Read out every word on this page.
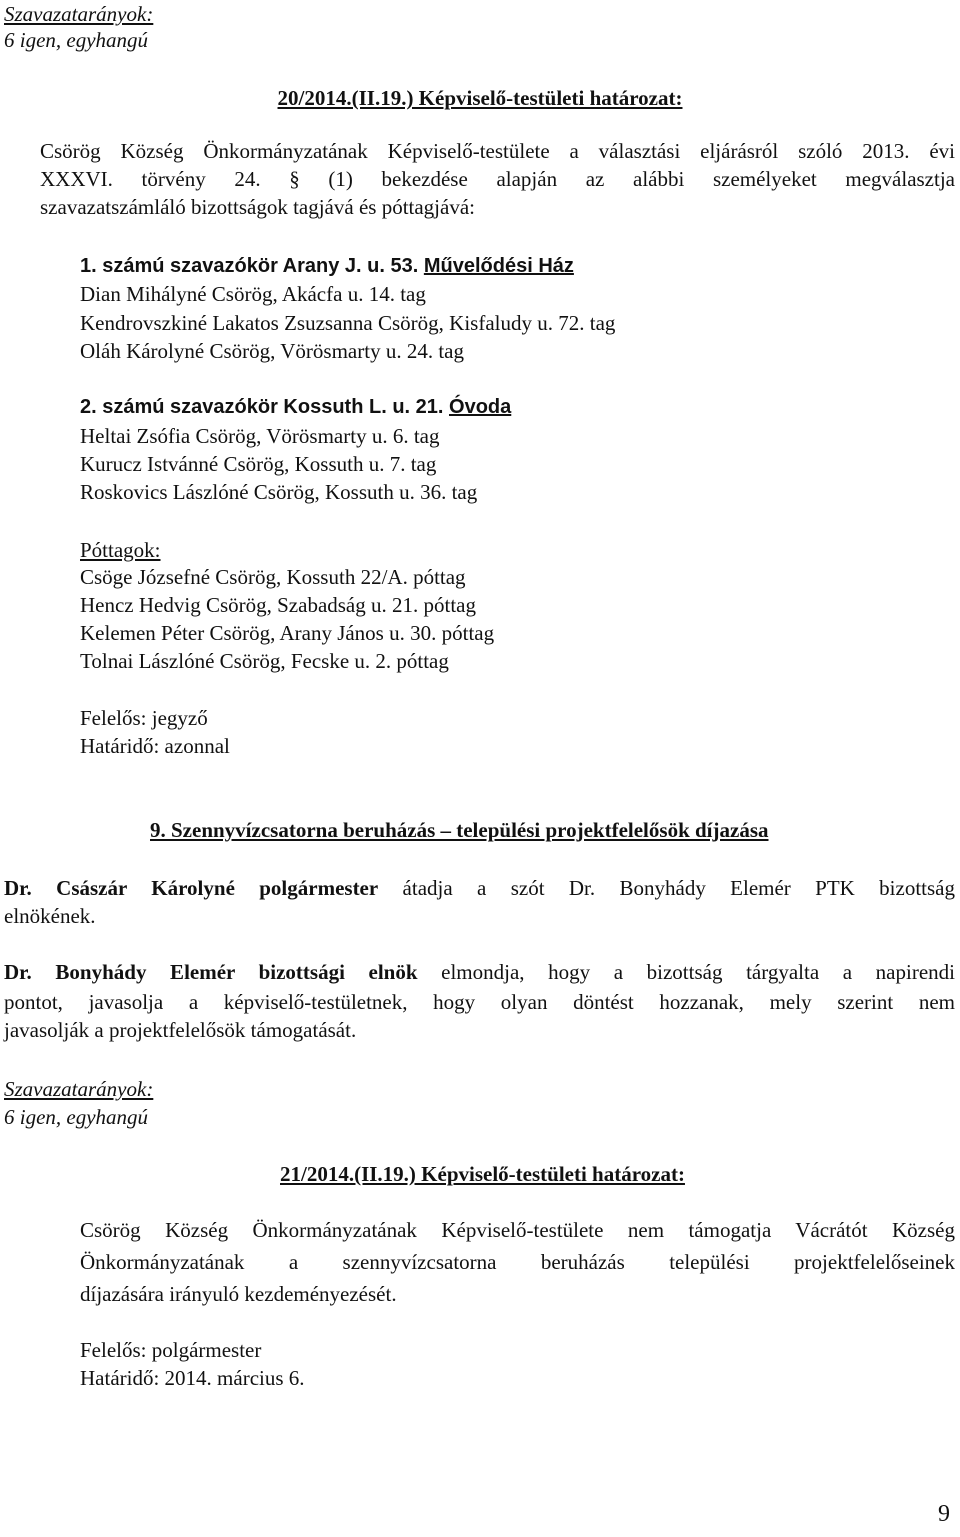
Szavazatarányok:
6 igen, egyhangú
20/2014.(II.19.) Képviselő-testületi határozat:
Csörög Község Önkormányzatának Képviselő-testülete a választási eljárásról szóló 2013. évi
XXXVI. törvény 24. § (1) bekezdése alapján az alábbi személyeket megválasztja
szavazatszámláló bizottságok tagjává és póttagjává:
1. számú szavazókör Arany J. u. 53. Művelődési Ház
Dian Mihályné Csörög, Akácfa u. 14. tag
Kendrovszkiné Lakatos Zsuzsanna Csörög, Kisfaludy u. 72. tag
Oláh Károlyné Csörög, Vörösmarty u. 24. tag
2. számú szavazókör Kossuth L. u. 21. Óvoda
Heltai Zsófia Csörög, Vörösmarty u. 6. tag
Kurucz Istvánné Csörög, Kossuth u. 7. tag
Roskovics Lászlóné Csörög, Kossuth u. 36. tag
Póttagok:
Csöge Józsefné Csörög, Kossuth 22/A. póttag
Hencz Hedvig Csörög, Szabadság u. 21. póttag
Kelemen Péter Csörög, Arany János u. 30. póttag
Tolnai Lászlóné Csörög, Fecske u. 2. póttag
Felelős: jegyző
Határidő: azonnal
9. Szennyvízcsatorna beruházás – települési projektfelelősök díjazása
Dr. Császár Károlyné polgármester átadja a szót Dr. Bonyhády Elemér PTK bizottság
elnökének.
Dr. Bonyhády Elemér bizottsági elnök elmondja, hogy a bizottság tárgyalta a napirendi
pontot, javasolja a képviselő-testületnek, hogy olyan döntést hozzanak, mely szerint nem
javasolják a projektfelelősök támogatását.
Szavazatarányok:
6 igen, egyhangú
21/2014.(II.19.) Képviselő-testületi határozat:
Csörög Község Önkormányzatának Képviselő-testülete nem támogatja Vácrátót Község
Önkormányzatának a szennyvízcsatorna beruházás települési projektfelelőseinek
díjazására irányuló kezdeményezését.
Felelős: polgármester
Határidő: 2014. március 6.
9
